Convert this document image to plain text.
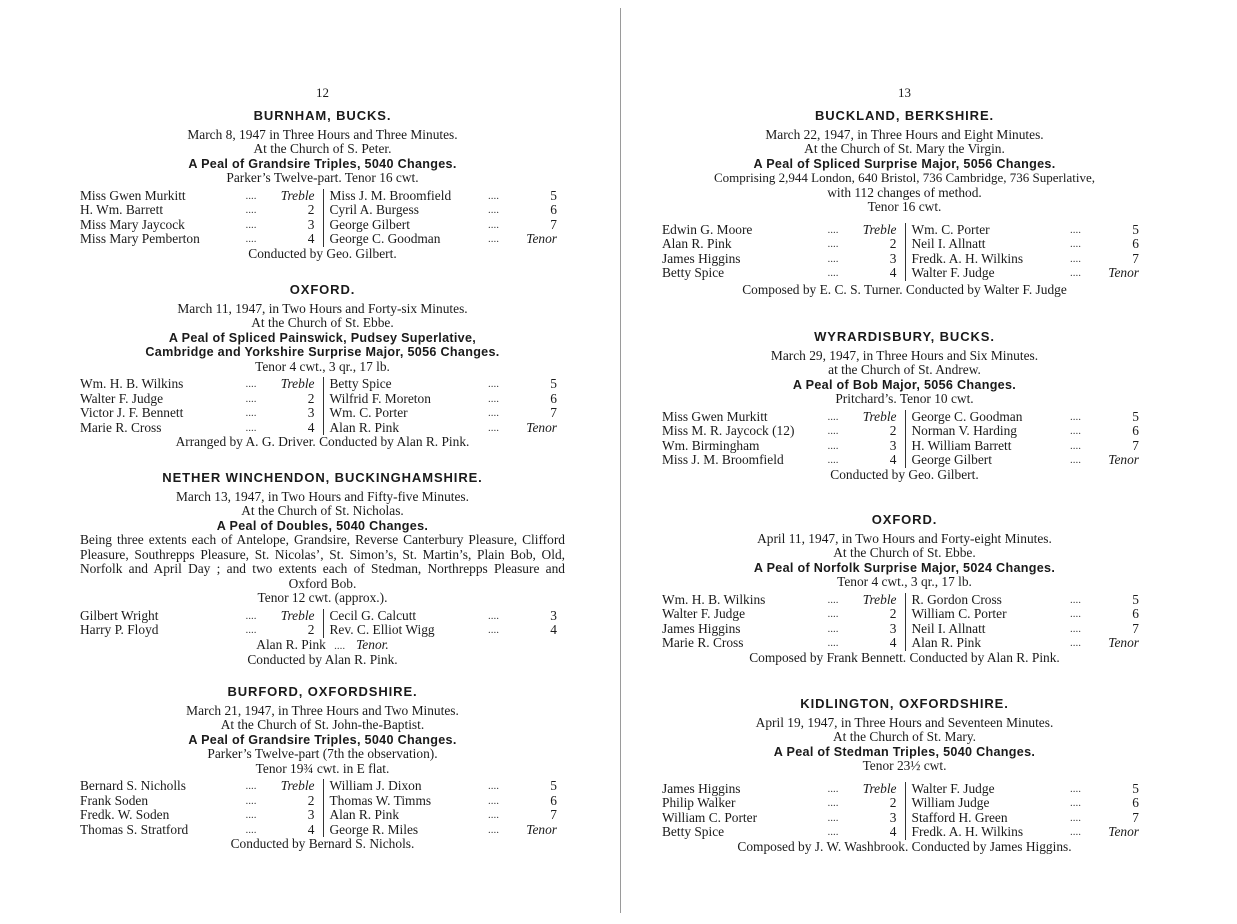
12
BURNHAM, BUCKS.
March 8, 1947 in Three Hours and Three Minutes.
At the Church of S. Peter.
A Peal of Grandsire Triples, 5040 Changes.
Parker’s Twelve-part. Tenor 16 cwt.
Miss Gwen Murkitt	....	Treble
H. Wm. Barrett	....	2
Miss Mary Jaycock	....	3
Miss Mary Pemberton	....	4
Miss J. M. Broomfield	....	5
Cyril A. Burgess	....	6
George Gilbert	....	7
George C. Goodman	....	Tenor
Conducted by Geo. Gilbert.
OXFORD.
March 11, 1947, in Two Hours and Forty-six Minutes.
At the Church of St. Ebbe.
A Peal of Spliced Painswick, Pudsey Superlative,
Cambridge and Yorkshire Surprise Major, 5056 Changes.
Tenor 4 cwt., 3 qr., 17 lb.
Wm. H. B. Wilkins	....	Treble
Walter F. Judge	....	2
Victor J. F. Bennett	....	3
Marie R. Cross	....	4
Betty Spice	....	5
Wilfrid F. Moreton	....	6
Wm. C. Porter	....	7
Alan R. Pink	....	Tenor
Arranged by A. G. Driver. Conducted by Alan R. Pink.
NETHER WINCHENDON, BUCKINGHAMSHIRE.
March 13, 1947, in Two Hours and Fifty-five Minutes.
At the Church of St. Nicholas.
A Peal of Doubles, 5040 Changes.
Being three extents each of Antelope, Grandsire, Reverse Canterbury Pleasure, Clifford Pleasure, Southrepps Pleasure, St. Nicolas’, St. Simon’s, St. Martin’s, Plain Bob, Old, Norfolk and April Day ; and two extents each of Stedman, Northrepps Pleasure and Oxford Bob.
Tenor 12 cwt. (approx.).
Gilbert Wright	....	Treble
Harry P. Floyd	....	2
Cecil G. Calcutt	....	3
Rev. C. Elliot Wigg	....	4
Alan R. Pink   ....    Tenor.
Conducted by Alan R. Pink.
BURFORD, OXFORDSHIRE.
March 21, 1947, in Three Hours and Two Minutes.
At the Church of St. John-the-Baptist.
A Peal of Grandsire Triples, 5040 Changes.
Parker’s Twelve-part (7th the observation).
Tenor 19¾ cwt. in E flat.
Bernard S. Nicholls	....	Treble
Frank Soden	....	2
Fredk. W. Soden	....	3
Thomas S. Stratford	....	4
William J. Dixon	....	5
Thomas W. Timms	....	6
Alan R. Pink	....	7
George R. Miles	....	Tenor
Conducted by Bernard S. Nichols.
13
BUCKLAND, BERKSHIRE.
March 22, 1947, in Three Hours and Eight Minutes.
At the Church of St. Mary the Virgin.
A Peal of Spliced Surprise Major, 5056 Changes.
Comprising 2,944 London, 640 Bristol, 736 Cambridge, 736 Superlative,
with 112 changes of method.
Tenor 16 cwt.
Edwin G. Moore	....	Treble
Alan R. Pink	....	2
James Higgins	....	3
Betty Spice	....	4
Wm. C. Porter	....	5
Neil I. Allnatt	....	6
Fredk. A. H. Wilkins	....	7
Walter F. Judge	....	Tenor
Composed by E. C. S. Turner. Conducted by Walter F. Judge
WYRARDISBURY, BUCKS.
March 29, 1947, in Three Hours and Six Minutes.
at the Church of St. Andrew.
A Peal of Bob Major, 5056 Changes.
Pritchard’s. Tenor 10 cwt.
Miss Gwen Murkitt	....	Treble
Miss M. R. Jaycock (12)	....	2
Wm. Birmingham	....	3
Miss J. M. Broomfield	....	4
George C. Goodman	....	5
Norman V. Harding	....	6
H. William Barrett	....	7
George Gilbert	....	Tenor
Conducted by Geo. Gilbert.
OXFORD.
April 11, 1947, in Two Hours and Forty-eight Minutes.
At the Church of St. Ebbe.
A Peal of Norfolk Surprise Major, 5024 Changes.
Tenor 4 cwt., 3 qr., 17 lb.
Wm. H. B. Wilkins	....	Treble
Walter F. Judge	....	2
James Higgins	....	3
Marie R. Cross	....	4
R. Gordon Cross	....	5
William C. Porter	....	6
Neil I. Allnatt	....	7
Alan R. Pink	....	Tenor
Composed by Frank Bennett. Conducted by Alan R. Pink.
KIDLINGTON, OXFORDSHIRE.
April 19, 1947, in Three Hours and Seventeen Minutes.
At the Church of St. Mary.
A Peal of Stedman Triples, 5040 Changes.
Tenor 23½ cwt.
James Higgins	....	Treble
Philip Walker	....	2
William C. Porter	....	3
Betty Spice	....	4
Walter F. Judge	....	5
William Judge	....	6
Stafford H. Green	....	7
Fredk. A. H. Wilkins	....	Tenor
Composed by J. W. Washbrook. Conducted by James Higgins.
